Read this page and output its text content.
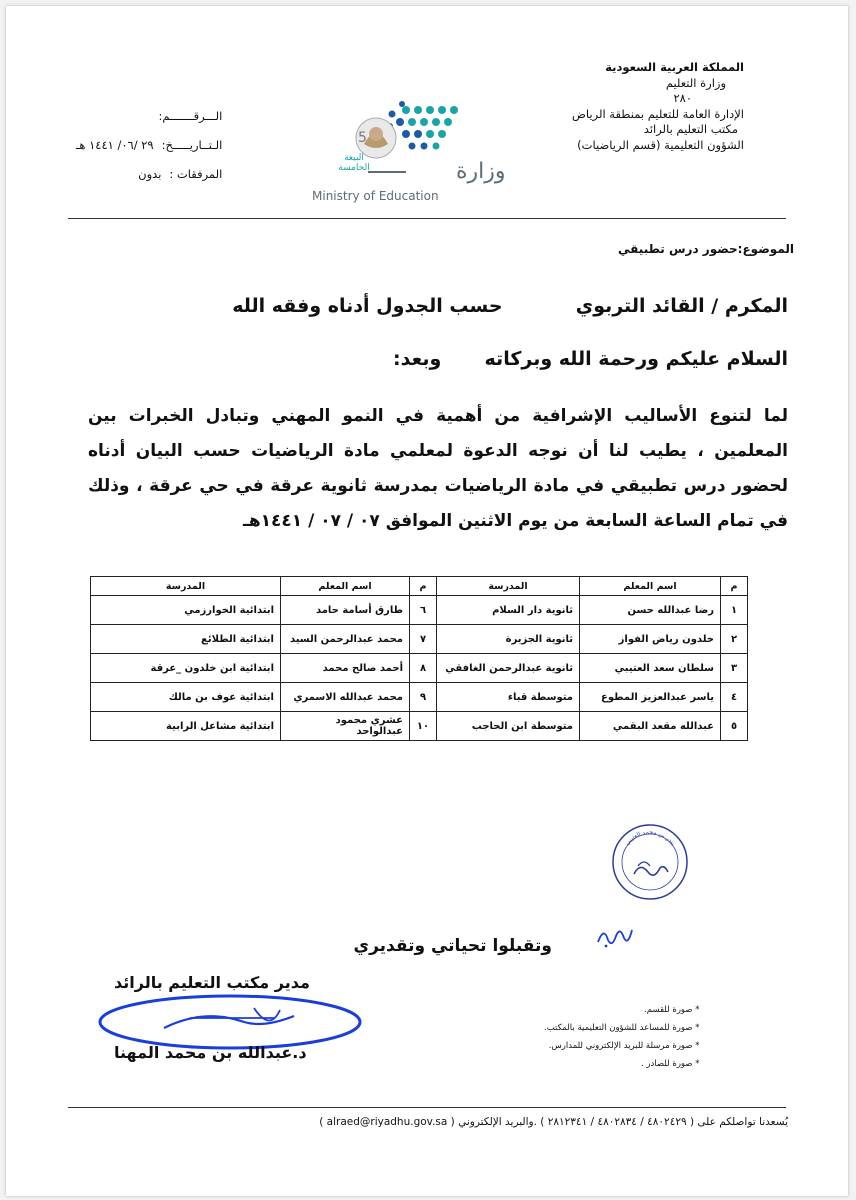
المملكة العربية السعودية
وزارة التعليم
٢٨٠
الإدارة العامة للتعليم بمنطقة الرياض
مكتب التعليم بالرائد
الشؤون التعليمية (قسم الرياضيات)
5
البيعة
الخامسة	وزارة
Ministry of Education
الـــرقـــــــم:
الـتــاريـــــخ:
٢٩ /٠٦/ ١٤٤١ هـ
المرفقات :
بدون
الموضوع:حضور درس تطبيقي
المكرم / القائد التربوي  حسب الجدول أدناه وفقه الله
السلام عليكم ورحمة الله وبركاته  وبعد:
لما لتنوع الأساليب الإشرافية من أهمية في النمو المهني وتبادل الخبرات بين المعلمين ، يطيب لنا أن نوجه الدعوة لمعلمي مادة الرياضيات حسب البيان أدناه لحضور درس تطبيقي في مادة الرياضيات بمدرسة ثانوية عرقة في حي عرقة ، وذلك في تمام الساعة السابعة من يوم الاثنين الموافق ٠٧ / ٠٧ / ١٤٤١هـ
م	اسم المعلم	المدرسة	م	اسم المعلم	المدرسة
١	رضا عبدالله حسن	ثانوية دار السلام	٦	طارق أسامة حامد	ابتدائية الخوارزمي
٢	خلدون رياض الفواز	ثانوية الجزيرة	٧	محمد عبدالرحمن السيد	ابتدائية الطلائع
٣	سلطان سعد العتيبي	ثانوية عبدالرحمن الغافقي	٨	أحمد صالح محمد	ابتدائية ابن خلدون _عرقة
٤	ياسر عبدالعزيز المطوع	متوسطة قباء	٩	محمد عبدالله الاسمري	ابتدائية عوف بن مالك
٥	عبدالله مقعد البقمي	متوسطة ابن الحاجب	١٠	عشري محمود عبدالواحد	ابتدائية مشاعل الرابية
بندر بن محمد العتيبي
وتقبلوا تحياتي وتقديري
مدير مكتب التعليم بالرائد
د.عبدالله بن محمد المهنا
* صورة للقسم.
* صورة للمساعد للشؤون التعليمية بالمكتب.
* صورة مرسلة للبريد الإلكتروني للمدارس.
* صورة للصادر .
يُسعدنا تواصلكم على ( ٤٨٠٢٤٢٩ / ٤٨٠٢٨٣٤ / ٢٨١٢٣٤١ ) .والبريد الإلكتروني ( alraed@riyadhu.gov.sa )
